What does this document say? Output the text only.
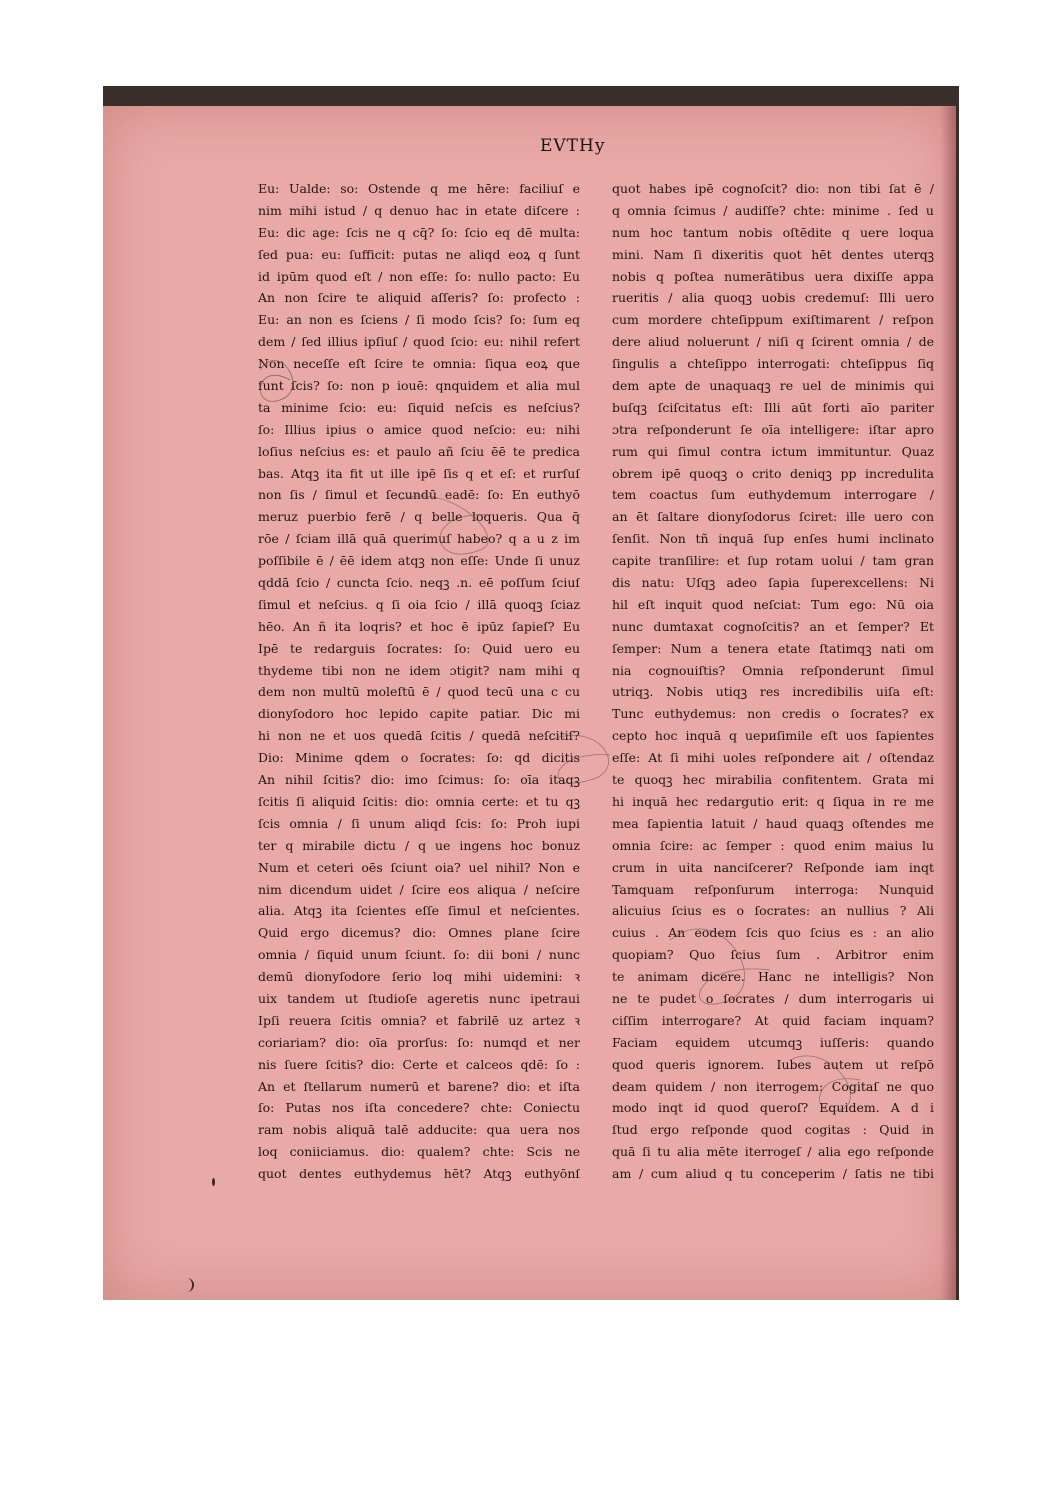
EVTHy
Eu: Ualde: so: Ostende q me hēre: faciliuſ e
nim mihi istud / q denuo hac in etate diſcere :
Eu: dic age: ſcis ne q cq̄? ſo: ſcio eq dē multa:
ſed pua: eu: ſufficit: putas ne aliqd eoꝝ q ſunt
id ipūm quod eſt / non eſſe: ſo: nullo pacto: Eu
An non ſcire te aliquid aſſeris? ſo: profecto :
Eu: an non es ſciens / ſi modo ſcis? ſo: ſum eq
dem / ſed illius ipſiuſ / quod ſcio: eu: nihil refert
Non neceſſe eſt ſcire te omnia: ſiqua eoꝝ que
ſunt ſcis? ſo: non p iouē: qnquidem et alia mul
ta minime ſcio: eu: ſiquid neſcis es neſcius?
ſo: Illius ipius o amice quod neſcio: eu: nihi
loſius neſcius es: et paulo añ ſciu ēē te predica
bas. Atqꝫ ita fit ut ille ipē ſis q et eſ: et rurſuſ
non ſis / ſimul et ſecundū eadē: ſo: En euthyō
meruz puerbio ferē / q belle loqueris. Qua q̄
rōe / ſciam illā quā querimuſ habeo? q a u z im
poſſibile ē / ēē idem atqꝫ non eſſe: Unde ſi unuz
qddā ſcio / cuncta ſcio. neqꝫ .n. eē poſſum ſciuſ
ſimul et neſcius. q ſi oia ſcio / illā quoqꝫ ſciaz
hēo. An ñ ita loqris? et hoc ē ipūz ſapieſ? Eu
Ipē te redarguis ſocrates: ſo: Quid uero eu
thydeme tibi non ne idem ɔtigit? nam mihi q
dem non multū moleſtū ē / quod tecū una c cu
dionyſodoro hoc lepido capite patiar. Dic mi
hi non ne et uos quedā ſcitis / quedā neſcitiſ?
Dio: Minime qdem o ſocrates: ſo: qd dicitis
An nihil ſcitis? dio: imo ſcimus: ſo: oīa itaqꝫ
ſcitis ſi aliquid ſcitis: dio: omnia certe: et tu qꝫ
ſcis omnia / ſi unum aliqd ſcis: ſo: Proh iupi
ter q mirabile dictu / q ue ingens hoc bonuz
Num et ceteri oēs ſciunt oia? uel nihil? Non e
nim dicendum uidet / ſcire eos aliqua / neſcire
alia. Atqꝫ ita ſcientes eſſe ſimul et neſcientes.
Quid ergo dicemus? dio: Omnes plane ſcire
omnia / ſiquid unum ſciunt. ſo: dii boni / nunc
demū dionyſodore ſerio loq mihi uidemini: ꝛ
uix tandem ut ſtudioſe ageretis nunc ipetraui
Ipſi reuera ſcitis omnia? et fabrilē uz artez ꝛ
coriariam? dio: oīa prorſus: ſo: numqd et ner
nis ſuere ſcitis? dio: Certe et calceos qdē: ſo :
An et ſtellarum numerū et barene? dio: et iſta
ſo: Putas nos iſta concedere? chte: Coniectu
ram nobis aliquā talē adducite: qua uera nos
loq coniiciamus. dio: qualem? chte: Scis ne
quot dentes euthydemus hēt? Atqꝫ euthyōnſ
quot habes ipē cognoſcit? dio: non tibi ſat ē /
q omnia ſcimus / audiſſe? chte: minime . ſed u
num hoc tantum nobis oſtēdite q uere loqua
mini. Nam ſi dixeritis quot hēt dentes uterqꝫ
nobis q poſtea numerātibus uera dixiſſe appa
rueritis / alia quoqꝫ uobis credemuſ: Illi uero
cum mordere chteſippum exiſtimarent / reſpon
dere aliud noluerunt / niſi q ſcirent omnia / de
ſingulis a chteſippo interrogati: chteſippus ſiq
dem apte de unaquaqꝫ re uel de minimis qui
buſqꝫ ſciſcitatus eſt: Illi aūt forti aīo pariter
ɔtra reſponderunt ſe oīa intelligere: iſtar apro
rum qui ſimul contra ictum immituntur. Quaz
obrem ipē quoqꝫ o crito deniqꝫ pp incredulita
tem coactus ſum euthydemum interrogare /
an ēt ſaltare dionyſodorus ſciret: ille uero con
ſenſit. Non tñ inquā ſup enſes humi inclinato
capite tranſilire: et ſup rotam uolui / tam gran
dis natu: Uſqꝫ adeo ſapia ſuperexcellens: Ni
hil eſt inquit quod neſciat: Tum ego: Nū oia
nunc dumtaxat cognoſcitis? an et ſemper? Et
ſemper: Num a tenera etate ſtatimqꝫ nati om
nia cognouiſtis? Omnia reſponderunt ſimul
utriqꝫ. Nobis utiqꝫ res incredibilis uiſa eſt:
Tunc euthydemus: non credis o ſocrates? ex
cepto hoc inquā q uериſimile eſt uos ſapientes
eſſe: At ſi mihi uoles reſpondere ait / oſtendaz
te quoqꝫ hec mirabilia confitentem. Grata mi
hi inquā hec redargutio erit: q ſiqua in re me
mea ſapientia latuit / haud quaqꝫ oſtendes me
omnia ſcire: ac ſemper : quod enim maius lu
crum in uita nanciſcerer? Reſponde iam inqt
Tamquam reſponſurum interroga: Nunquid
alicuius ſcius es o ſocrates: an nullius ? Ali
cuius . An eodem ſcis quo ſcius es : an alio
quopiam? Quo ſcius ſum . Arbitror enim
te animam dicere. Hanc ne intelligis? Non
ne te pudet o ſocrates / dum interrogaris ui
ciſſim interrogare? At quid faciam inquam?
Faciam equidem utcumqꝫ iuſſeris: quando
quod queris ignorem. Iubes autem ut reſpō
deam quidem / non iterrogem: Cogitaſ ne quo
modo inqt id quod queroſ? Equidem. A d i
ſtud ergo reſponde quod cogitas : Quid in
quā ſi tu alia mēte iterrogeſ / alia ego reſponde
am / cum aliud q tu conceperim / ſatis ne tibi
